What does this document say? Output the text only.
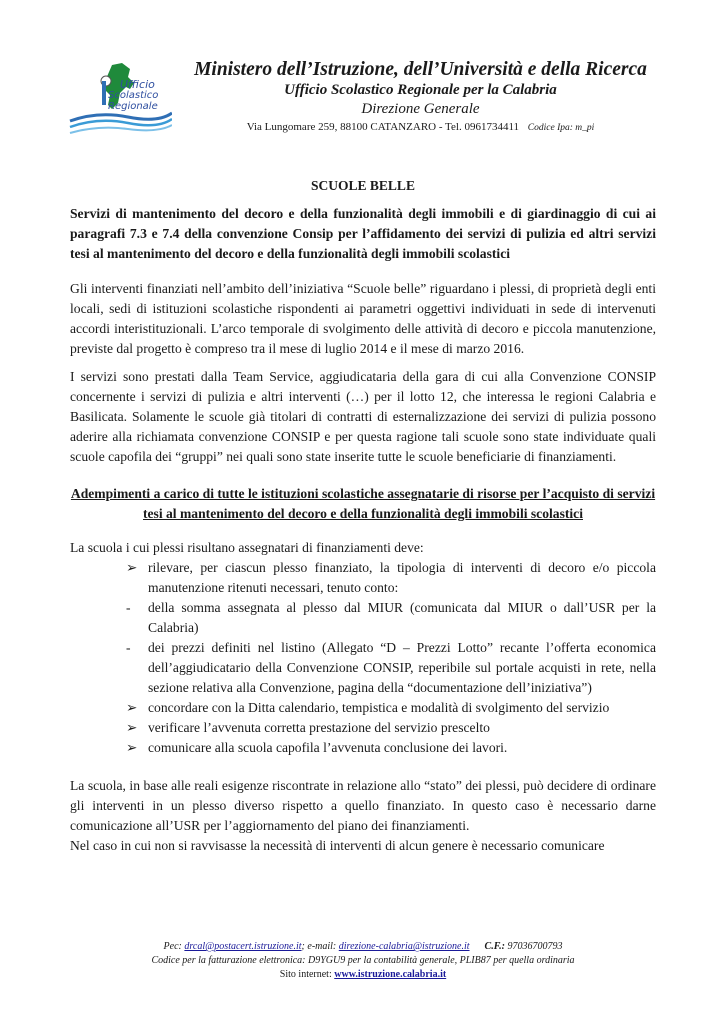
Ufficio
Scolastico
Regionale
Ministero dell’Istruzione, dell’Università e della Ricerca
Ufficio Scolastico Regionale per la Calabria
Direzione Generale
Via Lungomare 259, 88100 CATANZARO - Tel. 0961734411 Codice Ipa: m_pi
SCUOLE BELLE

Servizi di mantenimento del decoro e della funzionalità degli immobili e di giardinaggio di cui ai paragrafi 7.3 e 7.4 della convenzione Consip per l’affidamento dei servizi di pulizia ed altri servizi tesi al mantenimento del decoro e della funzionalità degli immobili scolastici

Gli interventi finanziati nell’ambito dell’iniziativa “Scuole belle” riguardano i plessi, di proprietà degli enti locali, sedi di istituzioni scolastiche rispondenti ai parametri oggettivi individuati in sede di intervenuti accordi interistituzionali. L’arco temporale di svolgimento delle attività di decoro e piccola manutenzione, previste dal progetto è compreso tra il mese di luglio 2014 e il mese di marzo 2016.

I servizi sono prestati dalla Team Service, aggiudicataria della gara di cui alla Convenzione CONSIP concernente i servizi di pulizia e altri interventi (…) per il lotto 12, che interessa le regioni Calabria e Basilicata. Solamente le scuole già titolari di contratti di esternalizzazione dei servizi di pulizia possono aderire alla richiamata convenzione CONSIP e per questa ragione tali scuole sono state individuate quali scuole capofila dei “gruppi” nei quali sono state inserite tutte le scuole beneficiarie di finanziamenti.

Adempimenti a carico di tutte le istituzioni scolastiche assegnatarie di risorse per l’acquisto di servizi tesi al mantenimento del decoro e della funzionalità degli immobili scolastici

La scuola i cui plessi risultano assegnatari di finanziamenti deve:

➢ rilevare, per ciascun plesso finanziato, la tipologia di interventi di decoro e/o piccola manutenzione ritenuti necessari, tenuto conto:
- della somma assegnata al plesso dal MIUR (comunicata dal MIUR o dall’USR per la Calabria)
- dei prezzi definiti nel listino (Allegato “D – Prezzi Lotto” recante l’offerta economica dell’aggiudicatario della Convenzione CONSIP, reperibile sul portale acquisti in rete, nella sezione relativa alla Convenzione, pagina della “documentazione dell’iniziativa”)
➢ concordare con la Ditta calendario, tempistica e modalità di svolgimento del servizio
➢ verificare l’avvenuta corretta prestazione del servizio prescelto
➢ comunicare alla scuola capofila l’avvenuta conclusione dei lavori.

La scuola, in base alle reali esigenze riscontrate in relazione allo “stato” dei plessi, può decidere di ordinare gli interventi in un plesso diverso rispetto a quello finanziato. In questo caso è necessario darne comunicazione all’USR per l’aggiornamento del piano dei finanziamenti.

Nel caso in cui non si ravvisasse la necessità di interventi di alcun genere è necessario comunicare

Pec: drcal@postacert.istruzione.it; e-mail: direzione-calabria@istruzione.it C.F.: 97036700793
Codice per la fatturazione elettronica: D9YGU9 per la contabilità generale, PLIB87 per quella ordinaria
Sito internet: www.istruzione.calabria.it
